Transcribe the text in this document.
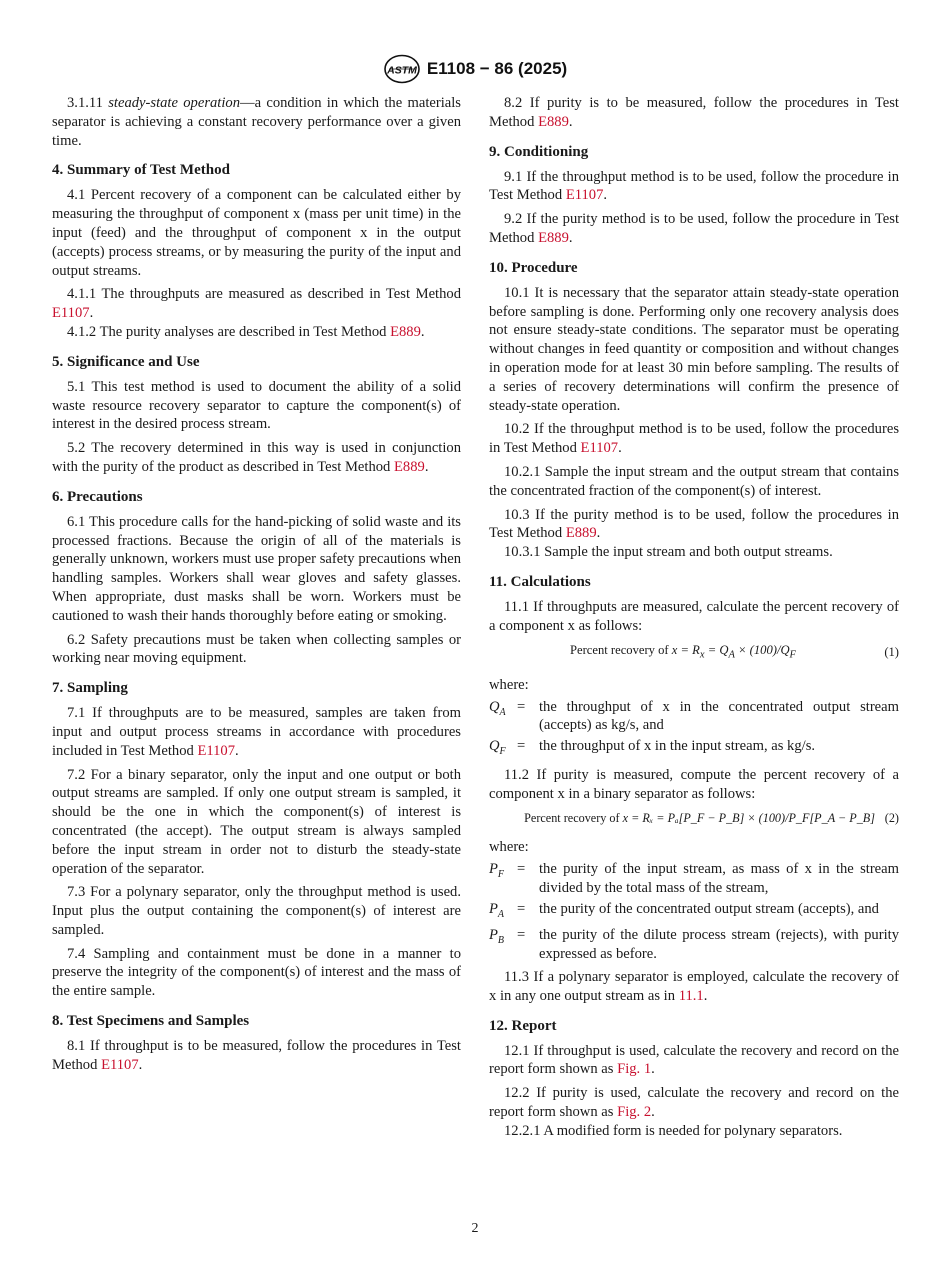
ASTM E1108 − 86 (2025)

3.1.11 steady-state operation—a condition in which the materials separator is achieving a constant recovery performance over a given time.

4. Summary of Test Method

4.1 Percent recovery of a component can be calculated either by measuring the throughput of component x (mass per unit time) in the input (feed) and the throughput of component x in the output (accepts) process streams, or by measuring the purity of the input and output streams.

4.1.1 The throughputs are measured as described in Test Method E1107.

4.1.2 The purity analyses are described in Test Method E889.

5. Significance and Use

5.1 This test method is used to document the ability of a solid waste resource recovery separator to capture the component(s) of interest in the desired process stream.

5.2 The recovery determined in this way is used in conjunction with the purity of the product as described in Test Method E889.

6. Precautions

6.1 This procedure calls for the hand-picking of solid waste and its processed fractions. Because the origin of all of the materials is generally unknown, workers must use proper safety precautions when handling samples. Workers shall wear gloves and safety glasses. When appropriate, dust masks shall be worn. Workers must be cautioned to wash their hands thoroughly before eating or smoking.

6.2 Safety precautions must be taken when collecting samples or working near moving equipment.

7. Sampling

7.1 If throughputs are to be measured, samples are taken from input and output process streams in accordance with procedures included in Test Method E1107.

7.2 For a binary separator, only the input and one output or both output streams are sampled. If only one output stream is sampled, it should be the one in which the component(s) of interest is concentrated (the accept). The output stream is always sampled before the input stream in order not to disturb the steady-state operation of the separator.

7.3 For a polynary separator, only the throughput method is used. Input plus the output containing the component(s) of interest are sampled.

7.4 Sampling and containment must be done in a manner to preserve the integrity of the component(s) of interest and the mass of the entire sample.

8. Test Specimens and Samples

8.1 If throughput is to be measured, follow the procedures in Test Method E1107.

8.2 If purity is to be measured, follow the procedures in Test Method E889.

9. Conditioning

9.1 If the throughput method is to be used, follow the procedure in Test Method E1107.

9.2 If the purity method is to be used, follow the procedure in Test Method E889.

10. Procedure

10.1 It is necessary that the separator attain steady-state operation before sampling is done. Performing only one recovery analysis does not ensure steady-state conditions. The separator must be operating without changes in feed quantity or composition and without changes in operation mode for at least 30 min before sampling. The results of a series of recovery determinations will confirm the presence of steady-state operation.

10.2 If the throughput method is to be used, follow the procedures in Test Method E1107.

10.2.1 Sample the input stream and the output stream that contains the concentrated fraction of the component(s) of interest.

10.3 If the purity method is to be used, follow the procedures in Test Method E889.

10.3.1 Sample the input stream and both output streams.

11. Calculations

11.1 If throughputs are measured, calculate the percent recovery of a component x as follows:

Percent recovery of $x = R_x = Q_A \times (100)/Q_F$	(1)

where:

$Q_A$ = the throughput of x in the concentrated output stream (accepts) as kg/s, and
$Q_F$ = the throughput of x in the input stream, as kg/s.

11.2 If purity is measured, compute the percent recovery of a component x in a binary separator as follows:

Percent recovery of x = Rₓ = Pₐ[P_F − P_B] × (100)/P_F[P_A − P_B] (2)

where:

$P_F$ = the purity of the input stream, as mass of x in the stream divided by the total mass of the stream,
$P_A$ = the purity of the concentrated output stream (accepts), and
$P_B$ = the purity of the dilute process stream (rejects), with purity expressed as before.

11.3 If a polynary separator is employed, calculate the recovery of x in any one output stream as in 11.1.

12. Report

12.1 If throughput is used, calculate the recovery and record on the report form shown as Fig. 1.

12.2 If purity is used, calculate the recovery and record on the report form shown as Fig. 2.

12.2.1 A modified form is needed for polynary separators.

2
